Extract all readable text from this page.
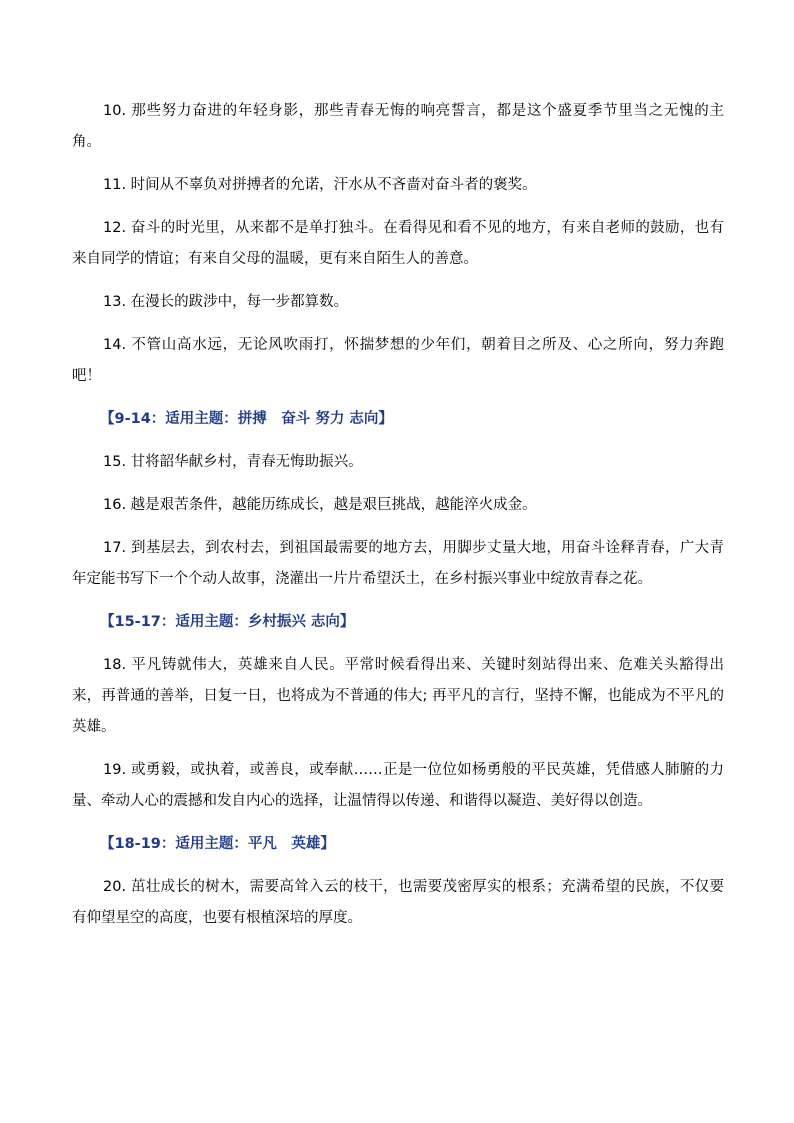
10. 那些努力奋进的年轻身影，那些青春无悔的响亮誓言，都是这个盛夏季节里当之无愧的主角。

11. 时间从不辜负对拼搏者的允诺，汗水从不吝啬对奋斗者的褒奖。

12. 奋斗的时光里，从来都不是单打独斗。在看得见和看不见的地方，有来自老师的鼓励，也有来自同学的情谊；有来自父母的温暖，更有来自陌生人的善意。

13. 在漫长的跋涉中，每一步都算数。

14. 不管山高水远，无论风吹雨打，怀揣梦想的少年们，朝着目之所及、心之所向，努力奔跑吧！

【9-14：适用主题：拼搏　奋斗 努力 志向】

15. 甘将韶华献乡村，青春无悔助振兴。

16. 越是艰苦条件，越能历练成长，越是艰巨挑战，越能淬火成金。

17. 到基层去，到农村去，到祖国最需要的地方去，用脚步丈量大地，用奋斗诠释青春，广大青年定能书写下一个个动人故事，浇灌出一片片希望沃土，在乡村振兴事业中绽放青春之花。

【15-17：适用主题：乡村振兴 志向】

18. 平凡铸就伟大，英雄来自人民。平常时候看得出来、关键时刻站得出来、危难关头豁得出来，再普通的善举，日复一日，也将成为不普通的伟大; 再平凡的言行，坚持不懈，也能成为不平凡的英雄。

19. 或勇毅，或执着，或善良，或奉献……正是一位位如杨勇般的平民英雄，凭借感人肺腑的力量、牵动人心的震撼和发自内心的选择，让温情得以传递、和谐得以凝造、美好得以创造。

【18-19：适用主题：平凡　英雄】

20. 茁壮成长的树木，需要高耸入云的枝干，也需要茂密厚实的根系；充满希望的民族，不仅要有仰望星空的高度，也要有根植深培的厚度。
